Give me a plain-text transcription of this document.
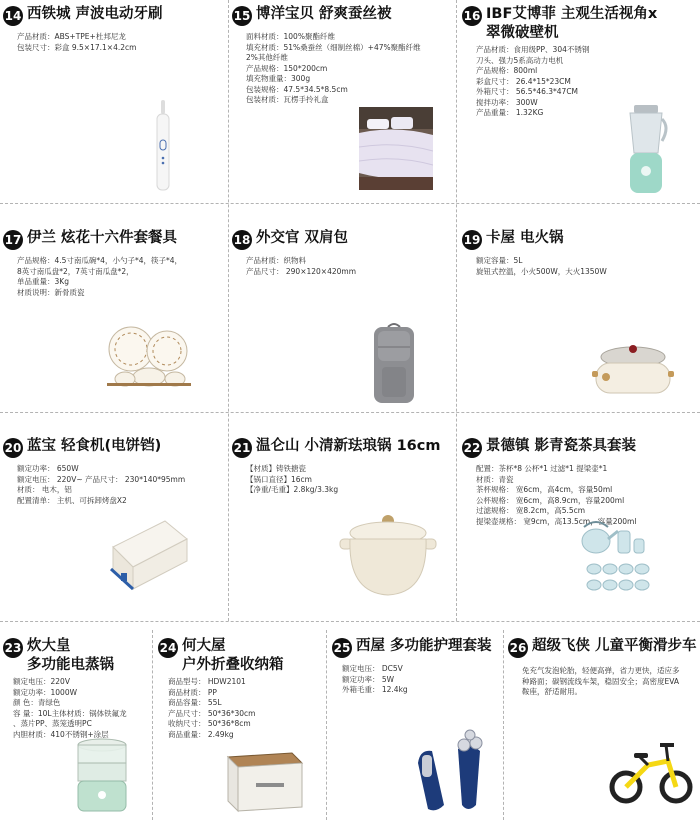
14 西铁城 声波电动牙刷
产品材质：ABS+TPE+杜邦尼龙
包装尺寸：彩盒 9.5×17.1×4.2cm
15 博洋宝贝 舒爽蚕丝被
面料材质：100%聚酯纤维
填充材质：51%桑蚕丝（细制丝棉）+47%聚酯纤维
2%其他纤维
产品规格：150*200cm
填充物重量：300g
包装规格：47.5*34.5*8.5cm
包装材质：瓦楞手拎礼盒
16 IBF艾博菲 主观生活视角x
翠微破壁机
产品材质：食用级PP、304不锈钢
刀头、强力5系高动力电机
产品规格：800ml
彩盒尺寸： 26.4*15*23CM
外箱尺寸： 56.5*46.3*47CM
搅拌功率： 300W
产品重量： 1.32KG
17 伊兰 炫花十六件套餐具
产品规格：4.5寸南瓜碗*4，小勺子*4，筷子*4，
8英寸南瓜盘*2，7英寸南瓜盘*2，
单品重量：3Kg
材质说明：新骨质瓷
18 外交官 双肩包
产品材质：织物料
产品尺寸： 290×120×420mm
19 卡屋 电火锅
额定容量：5L
旋钮式控温，小火500W，大火1350W
20 蓝宝 轻食机(电饼铛)
额定功率： 650W
额定电压： 220V~ 产品尺寸： 230*140*95mm
材质： 电木，铝
配置清单： 主机、可拆卸烤盘X2
21 温仑山 小清新珐琅锅 16cm
【材质】铸铁搪瓷
【锅口直径】16cm
【净重/毛重】2.8kg/3.3kg
22 景德镇 影青瓷茶具套装
配置：茶杯*8 公杯*1 过滤*1 提梁壶*1
材质：青瓷
茶杯规格： 宽6cm，高4cm，容量50ml
公杯规格： 宽6cm，高8.9cm，容量200ml
过滤规格： 宽8.2cm，高5.5cm
提梁壶规格： 宽9cm，高13.5cm，容量200ml
23 炊大皇
多功能电蒸锅
额定电压：220V
额定功率：1000W
颜 色：青绿色
容 量：10L主体材质：锅体铁氟龙
、蒸片PP、蒸笼透明PC
内胆材质：410不锈钢+涂层
24 何大屋
户外折叠收纳箱
商品型号： HDW2101
商品材质： PP
商品容量： 55L
产品尺寸： 50*36*30cm
收纳尺寸： 50*36*8cm
商品重量： 2.49kg
25 西屋 多功能护理套装
额定电压： DC5V
额定功率： 5W
外箱毛重： 12.4kg
26 超级飞侠 儿童平衡滑步车
免充气发泡轮胎，轻便高弹，省力更快，适应多
种路面；碳钢流线车架，稳固安全；高密度EVA
鞍座，舒适耐用。
